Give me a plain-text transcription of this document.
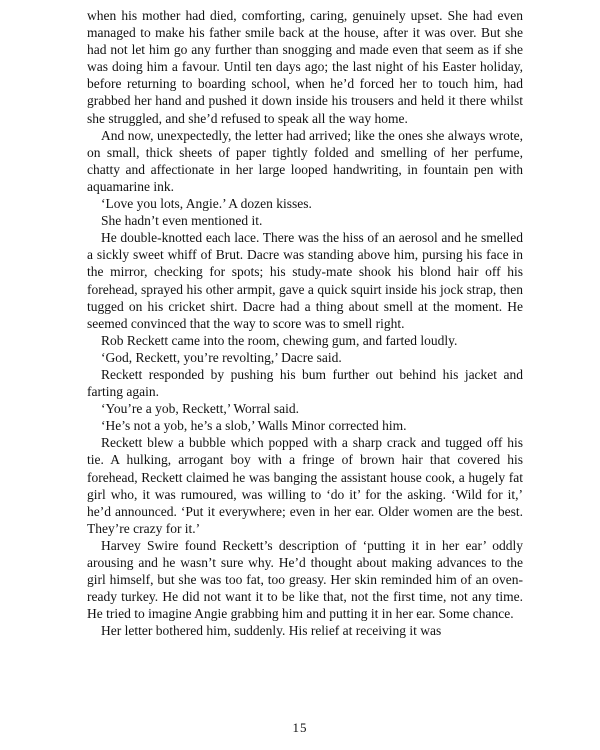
when his mother had died, comforting, caring, genuinely upset. She had even managed to make his father smile back at the house, after it was over. But she had not let him go any further than snogging and made even that seem as if she was doing him a favour. Until ten days ago; the last night of his Easter holiday, before returning to boarding school, when he’d forced her to touch him, had grabbed her hand and pushed it down inside his trousers and held it there whilst she struggled, and she’d refused to speak all the way home.

And now, unexpectedly, the letter had arrived; like the ones she always wrote, on small, thick sheets of paper tightly folded and smelling of her perfume, chatty and affectionate in her large looped handwriting, in fountain pen with aquamarine ink.

‘Love you lots, Angie.’ A dozen kisses.

She hadn’t even mentioned it.

He double-knotted each lace. There was the hiss of an aerosol and he smelled a sickly sweet whiff of Brut. Dacre was standing above him, pursing his face in the mirror, checking for spots; his study-mate shook his blond hair off his forehead, sprayed his other armpit, gave a quick squirt inside his jock strap, then tugged on his cricket shirt. Dacre had a thing about smell at the moment. He seemed convinced that the way to score was to smell right.

Rob Reckett came into the room, chewing gum, and farted loudly.

‘God, Reckett, you’re revolting,’ Dacre said.

Reckett responded by pushing his bum further out behind his jacket and farting again.

‘You’re a yob, Reckett,’ Worral said.

‘He’s not a yob, he’s a slob,’ Walls Minor corrected him.

Reckett blew a bubble which popped with a sharp crack and tugged off his tie. A hulking, arrogant boy with a fringe of brown hair that covered his forehead, Reckett claimed he was banging the assistant house cook, a hugely fat girl who, it was rumoured, was willing to ‘do it’ for the asking. ‘Wild for it,’ he’d announced. ‘Put it everywhere; even in her ear. Older women are the best. They’re crazy for it.’

Harvey Swire found Reckett’s description of ‘putting it in her ear’ oddly arousing and he wasn’t sure why. He’d thought about making advances to the girl himself, but she was too fat, too greasy. Her skin reminded him of an oven-ready turkey. He did not want it to be like that, not the first time, not any time. He tried to imagine Angie grabbing him and putting it in her ear. Some chance.

Her letter bothered him, suddenly. His relief at receiving it was

15
